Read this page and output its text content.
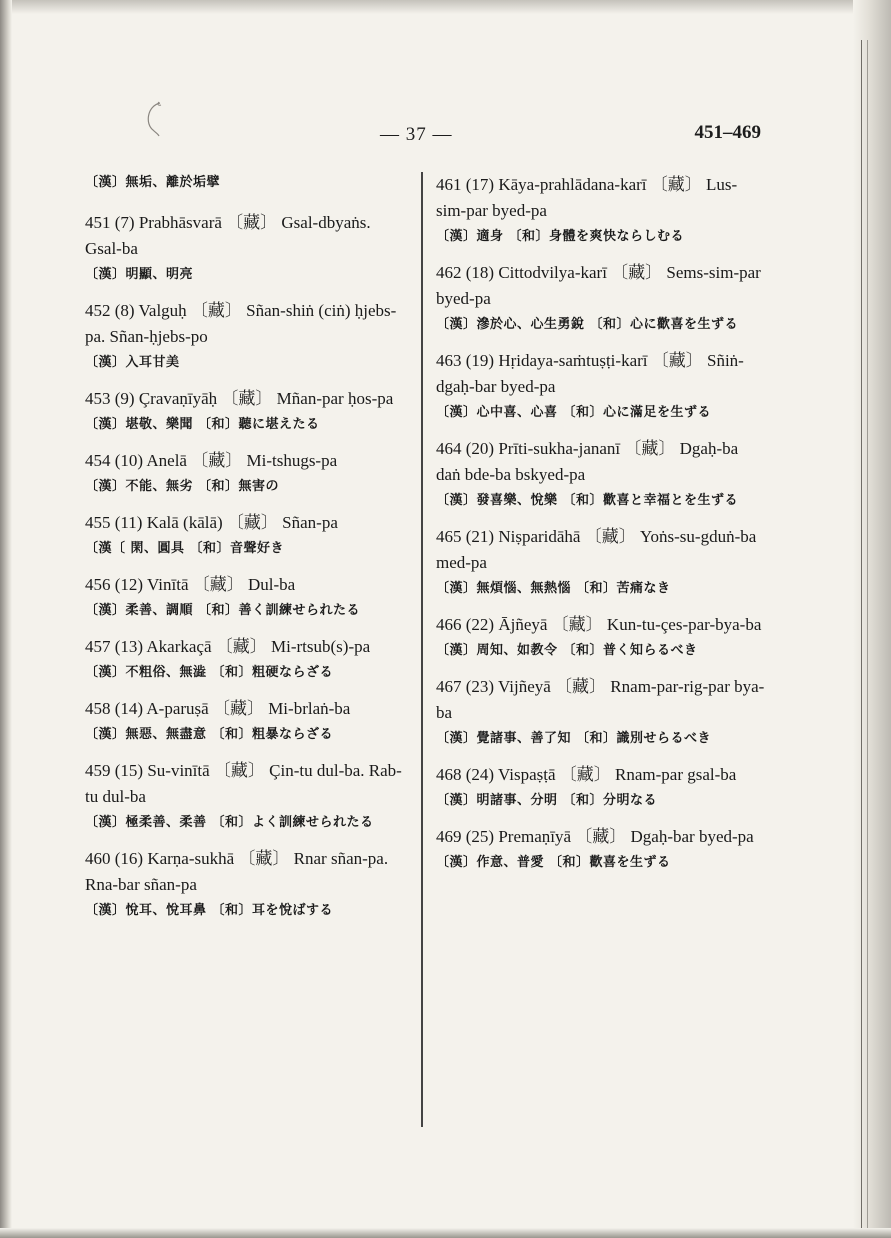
— 37 —	451–469

〔漢〕無垢、離於垢擘

451 (7) Prabhāsvarā 〔藏〕 Gsal-dbyaṅs. Gsal-ba

〔漢〕明顯、明亮

452 (8) Valguḥ 〔藏〕 Sñan-shiṅ (ciṅ) ḥjebs-pa. Sñan-ḥjebs-po

〔漢〕入耳甘美

453 (9) Çravaṇīyāḥ 〔藏〕 Mñan-par ḥos-pa

〔漢〕堪敬、樂聞 〔和〕聽に堪えたる

454 (10) Anelā 〔藏〕 Mi-tshugs-pa

〔漢〕不能、無劣 〔和〕無害の

455 (11) Kalā (kālā) 〔藏〕 Sñan-pa

〔漢〔 閑、圓具 〔和〕音聲好き

456 (12) Vinītā 〔藏〕 Dul-ba

〔漢〕柔善、調順 〔和〕善く訓練せられたる

457 (13) Akarkaçā 〔藏〕 Mi-rtsub(s)-pa

〔漢〕不粗俗、無澁 〔和〕粗硬ならざる

458 (14) A-paruṣā 〔藏〕 Mi-brlaṅ-ba

〔漢〕無惡、無盡意 〔和〕粗暴ならざる

459 (15) Su-vinītā 〔藏〕 Çin-tu dul-ba. Rab-tu dul-ba

〔漢〕極柔善、柔善 〔和〕よく訓練せられたる

460 (16) Karṇa-sukhā 〔藏〕 Rnar sñan-pa. Rna-bar sñan-pa

〔漢〕悅耳、悅耳鼻 〔和〕耳を悅ばする

461 (17) Kāya-prahlādana-karī 〔藏〕 Lus-sim-par byed-pa

〔漢〕適身 〔和〕身體を爽快ならしむる

462 (18) Cittodvilya-karī 〔藏〕 Sems-sim-par byed-pa

〔漢〕滲於心、心生勇銳 〔和〕心に歡喜を生ずる

463 (19) Hṛidaya-saṁtuṣṭi-karī 〔藏〕 Sñiṅ-dgaḥ-bar byed-pa

〔漢〕心中喜、心喜 〔和〕心に滿足を生ずる

464 (20) Prīti-sukha-jananī 〔藏〕 Dgaḥ-ba daṅ bde-ba bskyed-pa

〔漢〕發喜樂、悅樂 〔和〕歡喜と幸福とを生ずる

465 (21) Niṣparidāhā 〔藏〕 Yoṅs-su-gduṅ-ba med-pa

〔漢〕無煩惱、無熱惱 〔和〕苦痛なき

466 (22) Ājñeyā 〔藏〕 Kun-tu-çes-par-bya-ba

〔漢〕周知、如教令 〔和〕普く知らるべき

467 (23) Vijñeyā 〔藏〕 Rnam-par-rig-par bya-ba

〔漢〕覺諸事、善了知 〔和〕識別せらるべき

468 (24) Vispaṣṭā 〔藏〕 Rnam-par gsal-ba

〔漢〕明諸事、分明 〔和〕分明なる

469 (25) Premaṇīyā 〔藏〕 Dgaḥ-bar byed-pa

〔漢〕作意、普愛 〔和〕歡喜を生ずる
